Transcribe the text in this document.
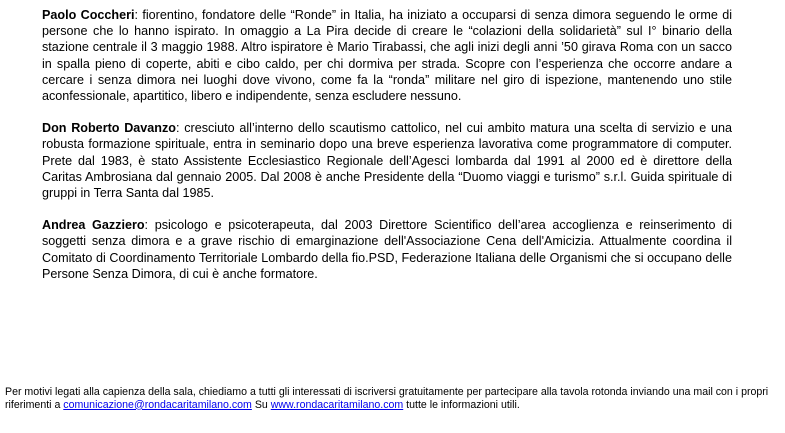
Paolo Coccheri: fiorentino, fondatore delle “Ronde” in Italia, ha iniziato a occuparsi di senza dimora seguendo le orme di persone che lo hanno ispirato. In omaggio a La Pira decide di creare le “colazioni della solidarietà” sul I° binario della stazione centrale il 3 maggio 1988. Altro ispiratore è Mario Tirabassi, che agli inizi degli anni ’50 girava Roma con un sacco in spalla pieno di coperte, abiti e cibo caldo, per chi dormiva per strada. Scopre con l’esperienza che occorre andare a cercare i senza dimora nei luoghi dove vivono, come fa la “ronda” militare nel giro di ispezione, mantenendo uno stile aconfessionale, apartitico, libero e indipendente, senza escludere nessuno.

Don Roberto Davanzo: cresciuto all’interno dello scautismo cattolico, nel cui ambito matura una scelta di servizio e una robusta formazione spirituale, entra in seminario dopo una breve esperienza lavorativa come programmatore di computer. Prete dal 1983, è stato Assistente Ecclesiastico Regionale dell’Agesci lombarda dal 1991 al 2000 ed è direttore della Caritas Ambrosiana dal gennaio 2005. Dal 2008 è anche Presidente della “Duomo viaggi e turismo” s.r.l. Guida spirituale di gruppi in Terra Santa dal 1985.

Andrea Gazziero: psicologo e psicoterapeuta, dal 2003 Direttore Scientifico dell’area accoglienza e reinserimento di soggetti senza dimora e a grave rischio di emarginazione dell'Associazione Cena dell'Amicizia. Attualmente coordina il Comitato di Coordinamento Territoriale Lombardo della fio.PSD, Federazione Italiana delle Organismi che si occupano delle Persone Senza Dimora, di cui è anche formatore.

Per motivi legati alla capienza della sala, chiediamo a tutti gli interessati di iscriversi gratuitamente per partecipare alla tavola rotonda inviando una mail con i propri riferimenti a comunicazione@rondacaritamilano.com Su www.rondacaritamilano.com tutte le informazioni utili.
